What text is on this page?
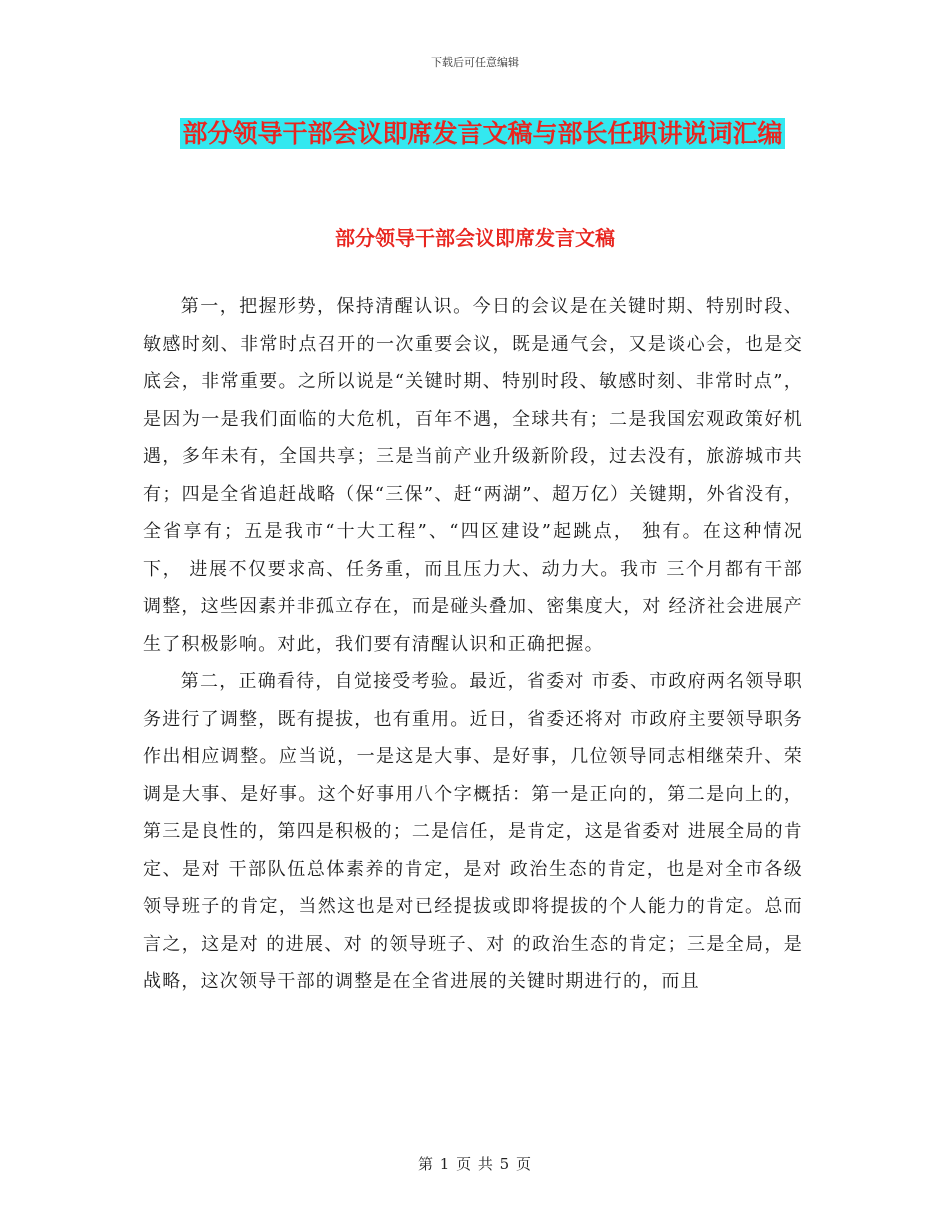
下载后可任意编辑
部分领导干部会议即席发言文稿与部长任职讲说词汇编
部分领导干部会议即席发言文稿

第一，把握形势，保持清醒认识。今日的会议是在关键时期、特别时段、敏感时刻、非常时点召开的一次重要会议，既是通气会，又是谈心会，也是交底会，非常重要。之所以说是“关键时期、特别时段、敏感时刻、非常时点”，是因为一是我们面临的大危机，百年不遇，全球共有；二是我国宏观政策好机遇，多年未有，全国共享；三是当前产业升级新阶段，过去没有，旅游城市共有；四是全省追赶战略（保“三保”、赶“两湖”、超万亿）关键期，外省没有，全省享有；五是我市“十大工程”、“四区建设”起跳点， 独有。在这种情况下， 进展不仅要求高、任务重，而且压力大、动力大。我市 三个月都有干部调整，这些因素并非孤立存在，而是碰头叠加、密集度大，对 经济社会进展产生了积极影响。对此，我们要有清醒认识和正确把握。

第二，正确看待，自觉接受考验。最近，省委对 市委、市政府两名领导职务进行了调整，既有提拔，也有重用。近日，省委还将对 市政府主要领导职务作出相应调整。应当说，一是这是大事、是好事，几位领导同志相继荣升、荣调是大事、是好事。这个好事用八个字概括：第一是正向的，第二是向上的，第三是良性的，第四是积极的；二是信任，是肯定，这是省委对 进展全局的肯定、是对 干部队伍总体素养的肯定，是对 政治生态的肯定，也是对全市各级领导班子的肯定，当然这也是对已经提拔或即将提拔的个人能力的肯定。总而言之，这是对 的进展、对 的领导班子、对 的政治生态的肯定；三是全局，是战略，这次领导干部的调整是在全省进展的关键时期进行的，而且

第 1 页 共 5 页
